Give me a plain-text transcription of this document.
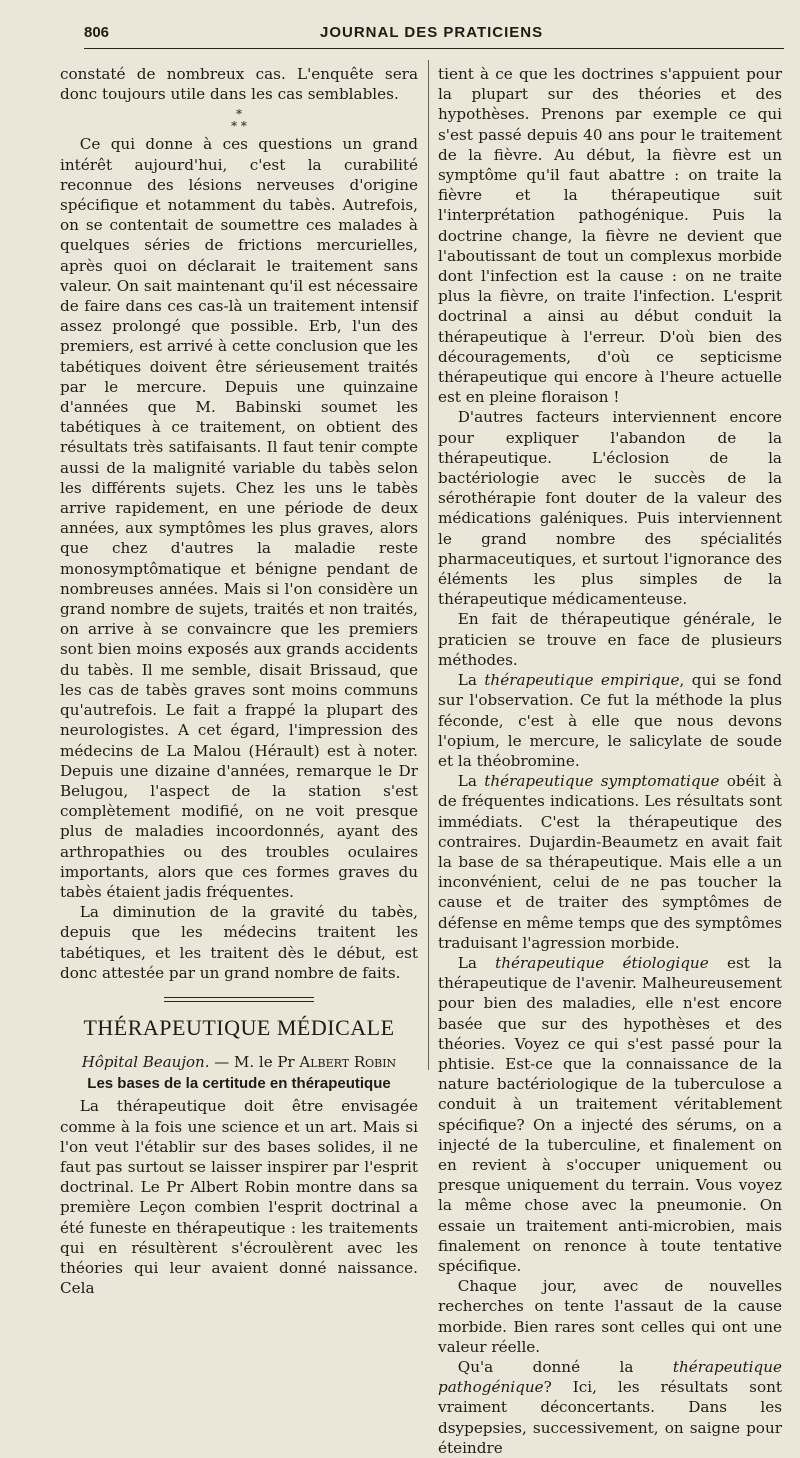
806	JOURNAL DES PRATICIENS

constaté de nombreux cas. L'enquête sera donc toujours utile dans les cas semblables.

*
* *

Ce qui donne à ces questions un grand intérêt aujourd'hui, c'est la curabilité reconnue des lésions nerveuses d'origine spécifique et notamment du tabès. Autrefois, on se contentait de soumettre ces malades à quelques séries de frictions mercurielles, après quoi on déclarait le traitement sans valeur. On sait maintenant qu'il est nécessaire de faire dans ces cas-là un traitement intensif assez prolongé que possible. Erb, l'un des premiers, est arrivé à cette conclusion que les tabétiques doivent être sérieusement traités par le mercure. Depuis une quinzaine d'années que M. Babinski soumet les tabétiques à ce traitement, on obtient des résultats très satifaisants. Il faut tenir compte aussi de la malignité variable du tabès selon les différents sujets. Chez les uns le tabès arrive rapidement, en une période de deux années, aux symptômes les plus graves, alors que chez d'autres la maladie reste monosymptômatique et bénigne pendant de nombreuses années. Mais si l'on considère un grand nombre de sujets, traités et non traités, on arrive à se convaincre que les premiers sont bien moins exposés aux grands accidents du tabès. Il me semble, disait Brissaud, que les cas de tabès graves sont moins communs qu'autrefois. Le fait a frappé la plupart des neurologistes. A cet égard, l'impression des médecins de La Malou (Hérault) est à noter. Depuis une dizaine d'années, remarque le Dr Belugou, l'aspect de la station s'est complètement modifié, on ne voit presque plus de maladies incoordonnés, ayant des arthropathies ou des troubles oculaires importants, alors que ces formes graves du tabès étaient jadis fréquentes.

La diminution de la gravité du tabès, depuis que les médecins traitent les tabétiques, et les traitent dès le début, est donc attestée par un grand nombre de faits.

THÉRAPEUTIQUE MÉDICALE
Hôpital Beaujon. — M. le Pr Albert Robin
Les bases de la certitude en thérapeutique

La thérapeutique doit être envisagée comme à la fois une science et un art. Mais si l'on veut l'établir sur des bases solides, il ne faut pas surtout se laisser inspirer par l'esprit doctrinal. Le Pr Albert Robin montre dans sa première Leçon combien l'esprit doctrinal a été funeste en thérapeutique : les traitements qui en résultèrent s'écroulèrent avec les théories qui leur avaient donné naissance. Cela

tient à ce que les doctrines s'appuient pour la plupart sur des théories et des hypothèses. Prenons par exemple ce qui s'est passé depuis 40 ans pour le traitement de la fièvre. Au début, la fièvre est un symptôme qu'il faut abattre : on traite la fièvre et la thérapeutique suit l'interprétation pathogénique. Puis la doctrine change, la fièvre ne devient que l'aboutissant de tout un complexus morbide dont l'infection est la cause : on ne traite plus la fièvre, on traite l'infection. L'esprit doctrinal a ainsi au début conduit la thérapeutique à l'erreur. D'où bien des découragements, d'où ce septicisme thérapeutique qui encore à l'heure actuelle est en pleine floraison !

D'autres facteurs interviennent encore pour expliquer l'abandon de la thérapeutique. L'éclosion de la bactériologie avec le succès de la sérothérapie font douter de la valeur des médications galéniques. Puis interviennent le grand nombre des spécialités pharmaceutiques, et surtout l'ignorance des éléments les plus simples de la thérapeutique médicamenteuse.

En fait de thérapeutique générale, le praticien se trouve en face de plusieurs méthodes.

La thérapeutique empirique, qui se fond sur l'observation. Ce fut la méthode la plus féconde, c'est à elle que nous devons l'opium, le mercure, le salicylate de soude et la théobromine.

La thérapeutique symptomatique obéit à de fréquentes indications. Les résultats sont immédiats. C'est la thérapeutique des contraires. Dujardin-Beaumetz en avait fait la base de sa thérapeutique. Mais elle a un inconvénient, celui de ne pas toucher la cause et de traiter des symptômes de défense en même temps que des symptômes traduisant l'agression morbide.

La thérapeutique étiologique est la thérapeutique de l'avenir. Malheureusement pour bien des maladies, elle n'est encore basée que sur des hypothèses et des théories. Voyez ce qui s'est passé pour la phtisie. Est-ce que la connaissance de la nature bactériologique de la tuberculose a conduit à un traitement véritablement spécifique? On a injecté des sérums, on a injecté de la tuberculine, et finalement on en revient à s'occuper uniquement ou presque uniquement du terrain. Vous voyez la même chose avec la pneumonie. On essaie un traitement anti-microbien, mais finalement on renonce à toute tentative spécifique.

Chaque jour, avec de nouvelles recherches on tente l'assaut de la cause morbide. Bien rares sont celles qui ont une valeur réelle.

Qu'a donné la thérapeutique pathogénique? Ici, les résultats sont vraiment déconcertants. Dans les dsypepsies, successivement, on saigne pour éteindre
